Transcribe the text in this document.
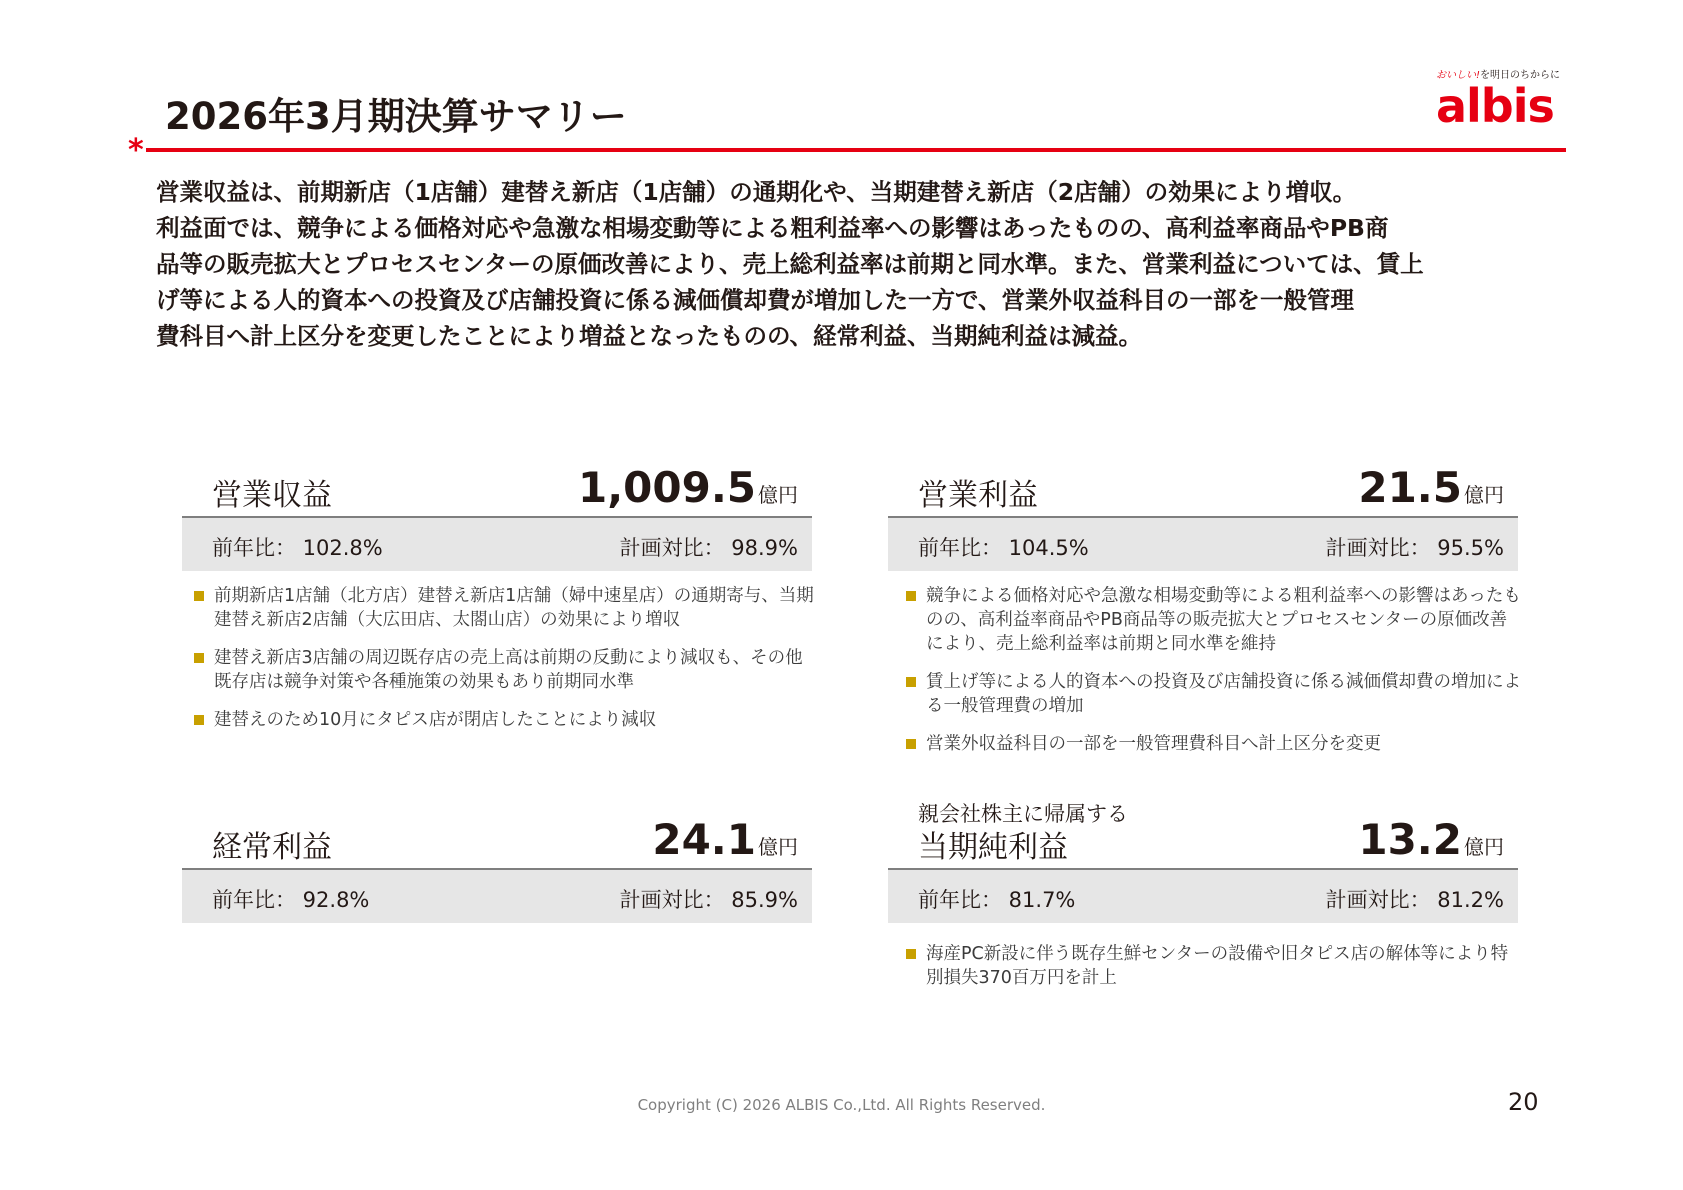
2026年3月期決算サマリー
おいしい!を明日のちからに
albis
*

営業収益は、前期新店（1店舗）建替え新店（1店舗）の通期化や、当期建替え新店（2店舗）の効果により増収。

利益面では、競争による価格対応や急激な相場変動等による粗利益率への影響はあったものの、高利益率商品やPB商

品等の販売拡大とプロセスセンターの原価改善により、売上総利益率は前期と同水準。また、営業利益については、賃上

げ等による人的資本への投資及び店舗投資に係る減価償却費が増加した一方で、営業外収益科目の一部を一般管理

費科目へ計上区分を変更したことにより増益となったものの、経常利益、当期純利益は減益。

営業収益	1,009.5 億円
前年比： 102.8%	計画対比： 98.9%
前期新店1店舗（北方店）建替え新店1店舗（婦中速星店）の通期寄与、当期建替え新店2店舗（大広田店、太閤山店）の効果により増収
建替え新店3店舗の周辺既存店の売上高は前期の反動により減収も、その他既存店は競争対策や各種施策の効果もあり前期同水準
建替えのため10月にタピス店が閉店したことにより減収
営業利益	21.5 億円
前年比： 104.5%	計画対比： 95.5%
競争による価格対応や急激な相場変動等による粗利益率への影響はあったものの、高利益率商品やPB商品等の販売拡大とプロセスセンターの原価改善により、売上総利益率は前期と同水準を維持
賃上げ等による人的資本への投資及び店舗投資に係る減価償却費の増加による一般管理費の増加
営業外収益科目の一部を一般管理費科目へ計上区分を変更
経常利益	24.1 億円
前年比： 92.8%	計画対比： 85.9%
親会社株主に帰属する
当期純利益	13.2 億円
前年比： 81.7%	計画対比： 81.2%
海産PC新設に伴う既存生鮮センターの設備や旧タピス店の解体等により特別損失370百万円を計上
Copyright (C) 2026 ALBIS Co.,Ltd. All Rights Reserved.	20
